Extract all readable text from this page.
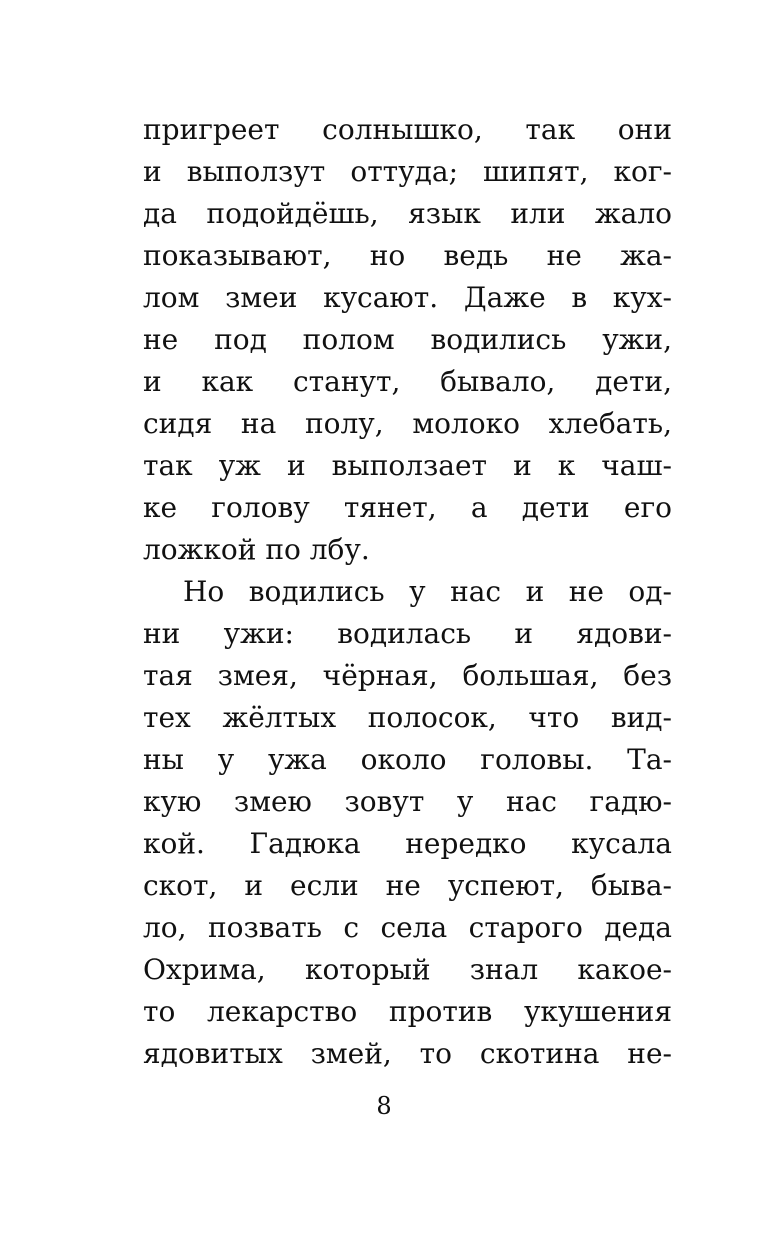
пригреет солнышко, так они
и выползут оттуда; шипят, ког-
да подойдёшь, язык или жало
показывают, но ведь не жа-
лом змеи кусают. Даже в кух-
не под полом водились ужи,
и как станут, бывало, дети,
сидя на полу, молоко хлебать,
так уж и выползает и к чаш-
ке голову тянет, а дети его
ложкой по лбу.
Но водились у нас и не од-
ни ужи: водилась и ядови-
тая змея, чёрная, большая, без
тех жёлтых полосок, что вид-
ны у ужа около головы. Та-
кую змею зовут у нас гадю-
кой. Гадюка нередко кусала
скот, и если не успеют, быва-
ло, позвать с села старого деда
Охрима, который знал какое-
то лекарство против укушения
ядовитых змей, то скотина не-
8
